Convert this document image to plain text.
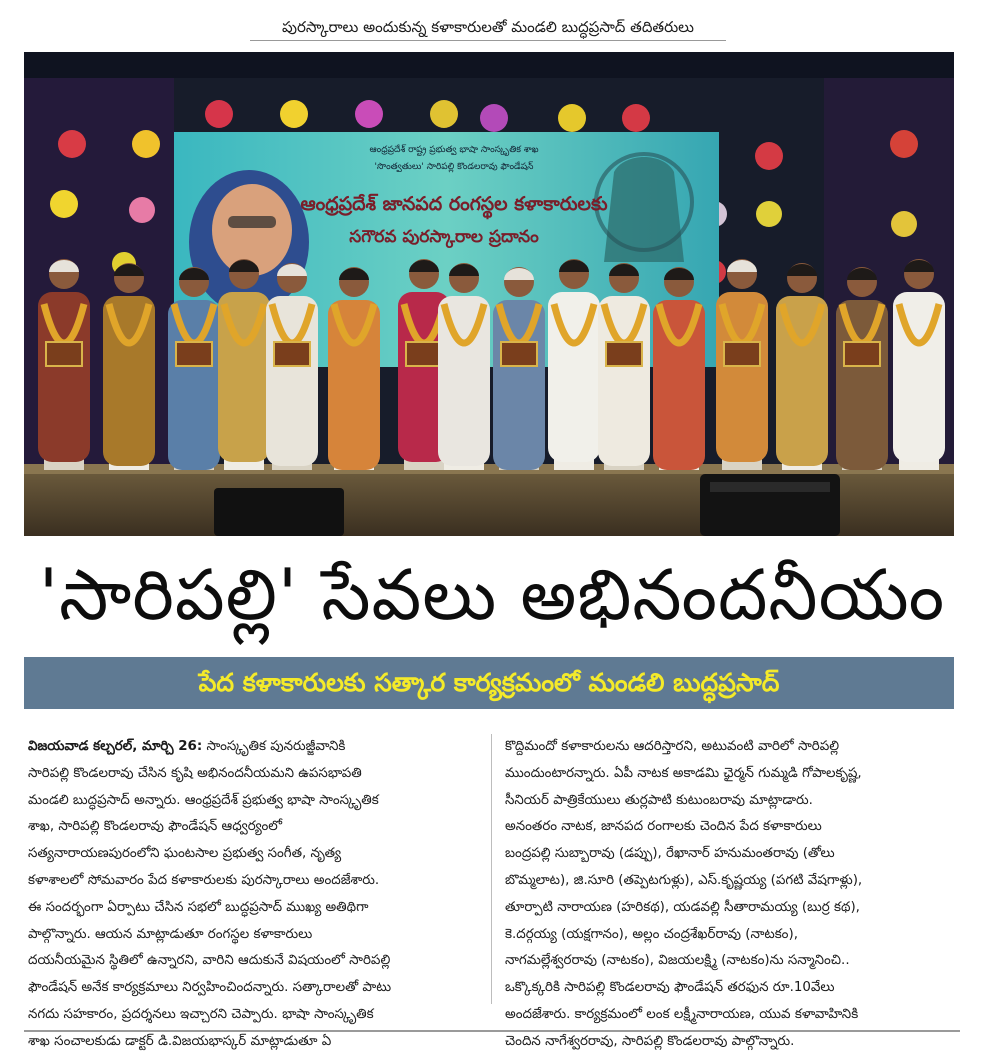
పురస్కారాలు అందుకున్న కళాకారులతో మండలి బుద్ధప్రసాద్ తదితరులు
ఆంధ్రప్రదేశ్ రాష్ట్ర ప్రభుత్వ భాషా సాంస్కృతిక శాఖ
'సొంత్వతులు' సారిపల్లి కొండలరావు ఫౌండేషన్
ఆంధ్రప్రదేశ్ జానపద రంగస్థల కళాకారులకు
సగౌరవ పురస్కారాల ప్రదానం
'సారిపల్లి' సేవలు అభినందనీయం
పేద కళాకారులకు సత్కార కార్యక్రమంలో మండలి బుద్ధప్రసాద్
విజయవాడ కల్చరల్, మార్చి 26: సాంస్కృతిక పునరుజ్జీవానికి
సారిపల్లి కొండలరావు చేసిన కృషి అభినందనీయమని ఉపసభాపతి
మండలి బుద్ధప్రసాద్ అన్నారు. ఆంధ్రప్రదేశ్ ప్రభుత్వ భాషా సాంస్కృతిక
శాఖ, సారిపల్లి కొండలరావు ఫౌండేషన్ ఆధ్వర్యంలో
సత్యనారాయణపురంలోని ఘంటసాల ప్రభుత్వ సంగీత, నృత్య
కళాశాలలో సోమవారం పేద కళాకారులకు పురస్కారాలు అందజేశారు.
ఈ సందర్భంగా ఏర్పాటు చేసిన సభలో బుద్ధప్రసాద్ ముఖ్య అతిథిగా
పాల్గొన్నారు. ఆయన మాట్లాడుతూ రంగస్థల కళాకారులు
దయనీయమైన స్థితిలో ఉన్నారని, వారిని ఆదుకునే విషయంలో సారిపల్లి
ఫౌండేషన్ అనేక కార్యక్రమాలు నిర్వహించిందన్నారు. సత్కారాలతో పాటు
నగదు సహకారం, ప్రదర్శనలు ఇచ్చారని చెప్పారు. భాషా సాంస్కృతిక
శాఖ సంచాలకుడు డాక్టర్ డి.విజయభాస్కర్ మాట్లాడుతూ ఏ
కొద్దిమందో కళాకారులను ఆదరిస్తారని, అటువంటి వారిలో సారిపల్లి
ముందుంటారన్నారు. ఏపీ నాటక అకాడమి ఛైర్మన్ గుమ్మడి గోపాలకృష్ణ,
సీనియర్ పాత్రికేయులు తుర్లపాటి కుటుంబరావు మాట్లాడారు.
అనంతరం నాటక, జానపద రంగాలకు చెందిన పేద కళాకారులు
బంద్రపల్లి సుబ్బారావు (డప్పు), రేఖానార్ హనుమంతరావు (తోలు
బొమ్మలాట), జి.సూరి (తప్పెటగుళ్లు), ఎస్.కృష్ణయ్య (పగటి వేషగాళ్లు),
తూర్పాటి నారాయణ (హరికథ), యడవల్లి సీతారామయ్య (బుర్ర కథ),
కె.దర్గయ్య (యక్షగానం), అల్లం చంద్రశేఖర్‌రావు (నాటకం),
నాగమల్లేశ్వరరావు (నాటకం), విజయలక్ష్మి (నాటకం)ను సన్మానించి..
ఒక్కొక్కరికి సారిపల్లి కొండలరావు ఫౌండేషన్ తరఫున రూ.10వేలు
అందజేశారు. కార్యక్రమంలో లంక లక్ష్మీనారాయణ, యువ కళావాహినికి
చెందిన నాగేశ్వరరావు, సారిపల్లి కొండలరావు పాల్గొన్నారు.
